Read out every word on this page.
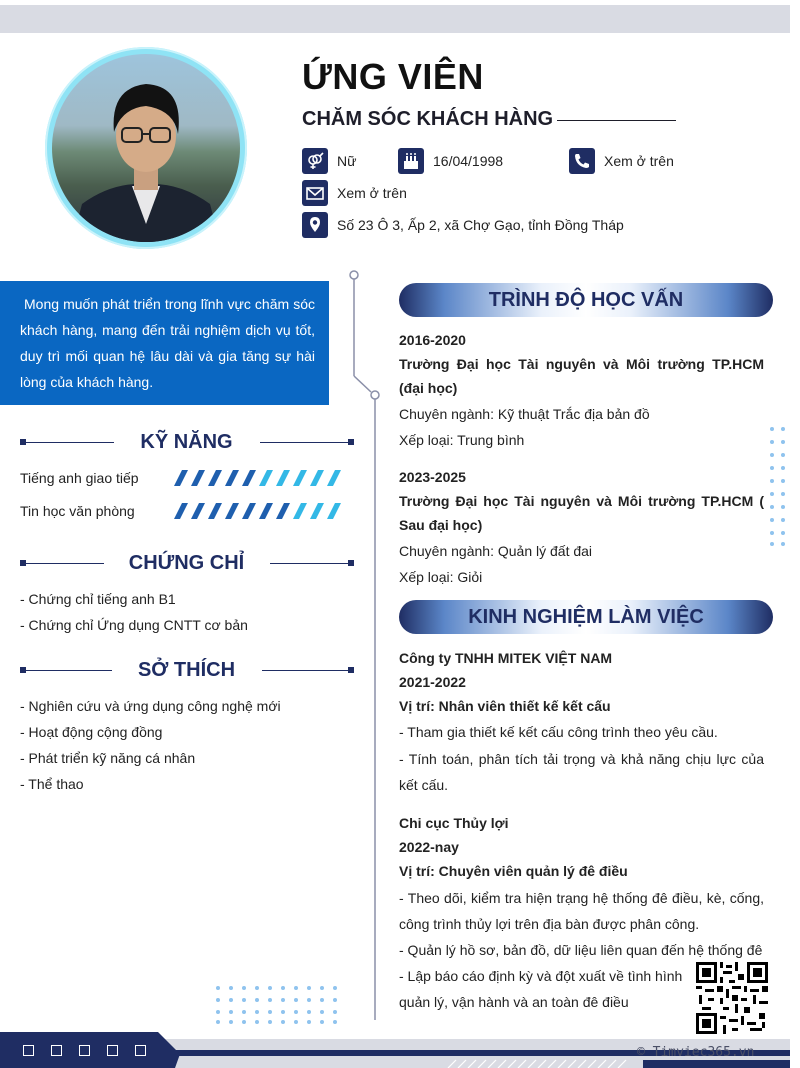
ỨNG VIÊN
CHĂM SÓC KHÁCH HÀNG
Nữ	16/04/1998	Xem ở trên
Xem ở trên
Số 23 Ô 3, Ấp 2, xã Chợ Gạo, tỉnh Đồng Tháp
Mong muốn phát triển trong lĩnh vực chăm sóc khách hàng, mang đến trải nghiệm dịch vụ tốt, duy trì mối quan hệ lâu dài và gia tăng sự hài lòng của khách hàng.
KỸ NĂNG
Tiếng anh giao tiếp
Tin học văn phòng
CHỨNG CHỈ
- Chứng chỉ tiếng anh B1
- Chứng chỉ Ứng dụng CNTT cơ bản
SỞ THÍCH
- Nghiên cứu và ứng dụng công nghệ mới
- Hoạt động cộng đồng
- Phát triển kỹ năng cá nhân
- Thể thao
TRÌNH ĐỘ HỌC VẤN
2016-2020
Trường Đại học Tài nguyên và Môi trường TP.HCM (đại học)
Chuyên ngành: Kỹ thuật Trắc địa bản đồ
Xếp loại: Trung bình
2023-2025
Trường Đại học Tài nguyên và Môi trường TP.HCM ( Sau đại học)
Chuyên ngành: Quản lý đất đai
Xếp loại: Giỏi
KINH NGHIỆM LÀM VIỆC
Công ty TNHH MITEK VIỆT NAM
2021-2022
Vị trí: Nhân viên thiết kế kết cấu
- Tham gia thiết kế kết cấu công trình theo yêu cầu.
- Tính toán, phân tích tải trọng và khả năng chịu lực của kết cấu.
Chi cục Thủy lợi
2022-nay
Vị trí: Chuyên viên quản lý đê điều
- Theo dõi, kiểm tra hiện trạng hệ thống đê điều, kè, cống, công trình thủy lợi trên địa bàn được phân công.
- Quản lý hồ sơ, bản đồ, dữ liệu liên quan đến hệ thống đê
- Lập báo cáo định kỳ và đột xuất về tình hình quản lý, vận hành và an toàn đê điều
© Timviec365.vn
